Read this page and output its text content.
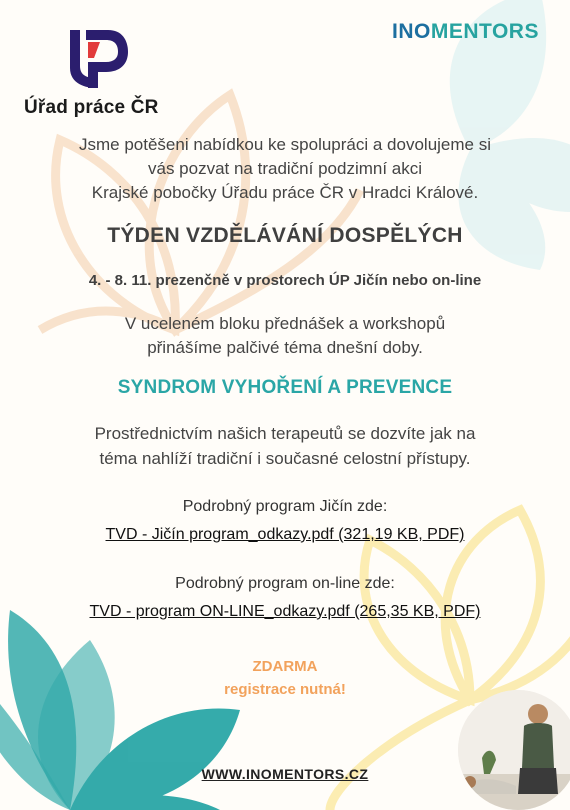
Úřad práce ČR
INOMENTORS
Jsme potěšeni nabídkou ke spolupráci a dovolujeme si
vás pozvat na tradiční podzimní akci
Krajské pobočky Úřadu práce ČR v Hradci Králové.
TÝDEN VZDĚLÁVÁNÍ DOSPĚLÝCH
4. - 8. 11. prezenčně v prostorech ÚP Jičín nebo on-line
V uceleném bloku přednášek a workshopů
přinášíme palčivé téma dnešní doby.
SYNDROM VYHOŘENÍ A PREVENCE
Prostřednictvím našich terapeutů se dozvíte jak na
téma nahlíží tradiční i současné celostní přístupy.
Podrobný program Jičín zde:
TVD - Jičín program_odkazy.pdf (321,19 KB, PDF)
Podrobný program on-line zde:
TVD - program ON-LINE_odkazy.pdf (265,35 KB, PDF)
ZDARMA
registrace nutná!
WWW.INOMENTORS.CZ
